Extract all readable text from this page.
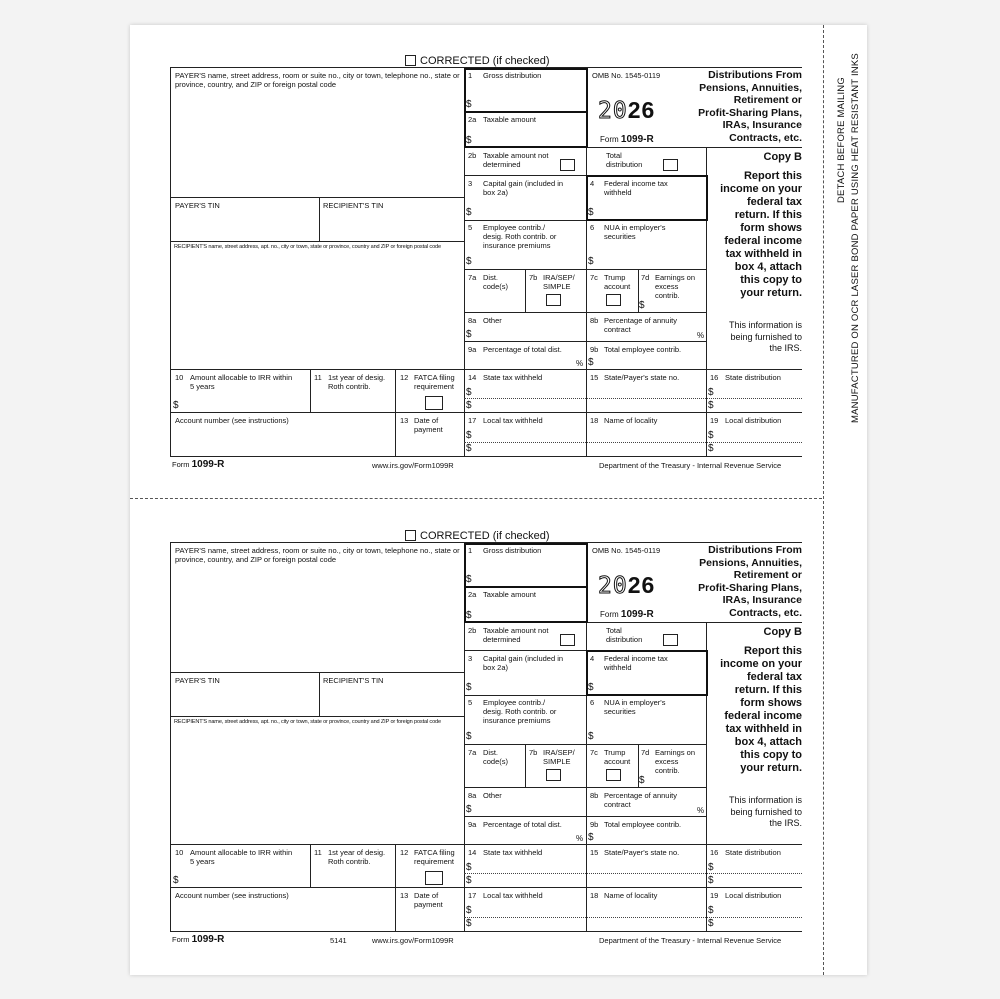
DETACH BEFORE MAILING MANUFACTURED ON OCR LASER BOND PAPER USING HEAT RESISTANT INKS
CORRECTED (if checked)
PAYER'S name, street address, room or suite no., city or town, telephone no., state or province, country, and ZIP or foreign postal code
PAYER'S TIN	RECIPIENT'S TIN
RECIPIENT'S name, street address, apt. no., city or town, state or province, country and ZIP or foreign postal code
1 Gross distribution
$
2a Taxable amount
$
OMB No. 1545-0119
2026
Form 1099-R
Distributions From
Pensions, Annuities,
Retirement or
Profit-Sharing Plans,
IRAs, Insurance
Contracts, etc.
Copy B
Report this
income on your
federal tax
return. If this
form shows
federal income
tax withheld in
box 4, attach
this copy to
your return.
This information is
being furnished to
the IRS.
2b Taxable amount not
determined
Total
distribution
3 Capital gain (included in
box 2a)
$
4 Federal income tax
withheld
$
5 Employee contrib./
desig. Roth contrib. or
insurance premiums
$
6 NUA in employer's
securities
$
7a Dist.
code(s)
7b IRA/SEP/
SIMPLE
7c Trump
account
7d Earnings on
excess
contrib.
$
8a Other
$
8b Percentage of annuity
contract
%
9a Percentage of total dist.
%
9b Total employee contrib.
$
10 Amount allocable to IRR within
5 years
$
11 1st year of desig.
Roth contrib.
12 FATCA filing
requirement
14 State tax withheld
$
$
15 State/Payer's state no.	16 State distribution
$
$
Account number (see instructions)	13 Date of
payment
17 Local tax withheld
$
$
18 Name of locality	19 Local distribution
$
$
Form 1099-R	www.irs.gov/Form1099R	Department of the Treasury - Internal Revenue Service
CORRECTED (if checked)
PAYER'S name, street address, room or suite no., city or town, telephone no., state or province, country, and ZIP or foreign postal code
PAYER'S TIN	RECIPIENT'S TIN
RECIPIENT'S name, street address, apt. no., city or town, state or province, country and ZIP or foreign postal code
1 Gross distribution
$
2a Taxable amount
$
OMB No. 1545-0119
2026
Form 1099-R
Distributions From
Pensions, Annuities,
Retirement or
Profit-Sharing Plans,
IRAs, Insurance
Contracts, etc.
Copy B
Report this
income on your
federal tax
return. If this
form shows
federal income
tax withheld in
box 4, attach
this copy to
your return.
This information is
being furnished to
the IRS.
2b Taxable amount not
determined
Total
distribution
3 Capital gain (included in
box 2a)
$
4 Federal income tax
withheld
$
5 Employee contrib./
desig. Roth contrib. or
insurance premiums
$
6 NUA in employer's
securities
$
7a Dist.
code(s)
7b IRA/SEP/
SIMPLE
7c Trump
account
7d Earnings on
excess
contrib.
$
8a Other
$
8b Percentage of annuity
contract
%
9a Percentage of total dist.
%
9b Total employee contrib.
$
10 Amount allocable to IRR within
5 years
$
11 1st year of desig.
Roth contrib.
12 FATCA filing
requirement
14 State tax withheld
$
$
15 State/Payer's state no.	16 State distribution
$
$
Account number (see instructions)	13 Date of
payment
17 Local tax withheld
$
$
18 Name of locality	19 Local distribution
$
$
Form 1099-R	5141	www.irs.gov/Form1099R	Department of the Treasury - Internal Revenue Service
